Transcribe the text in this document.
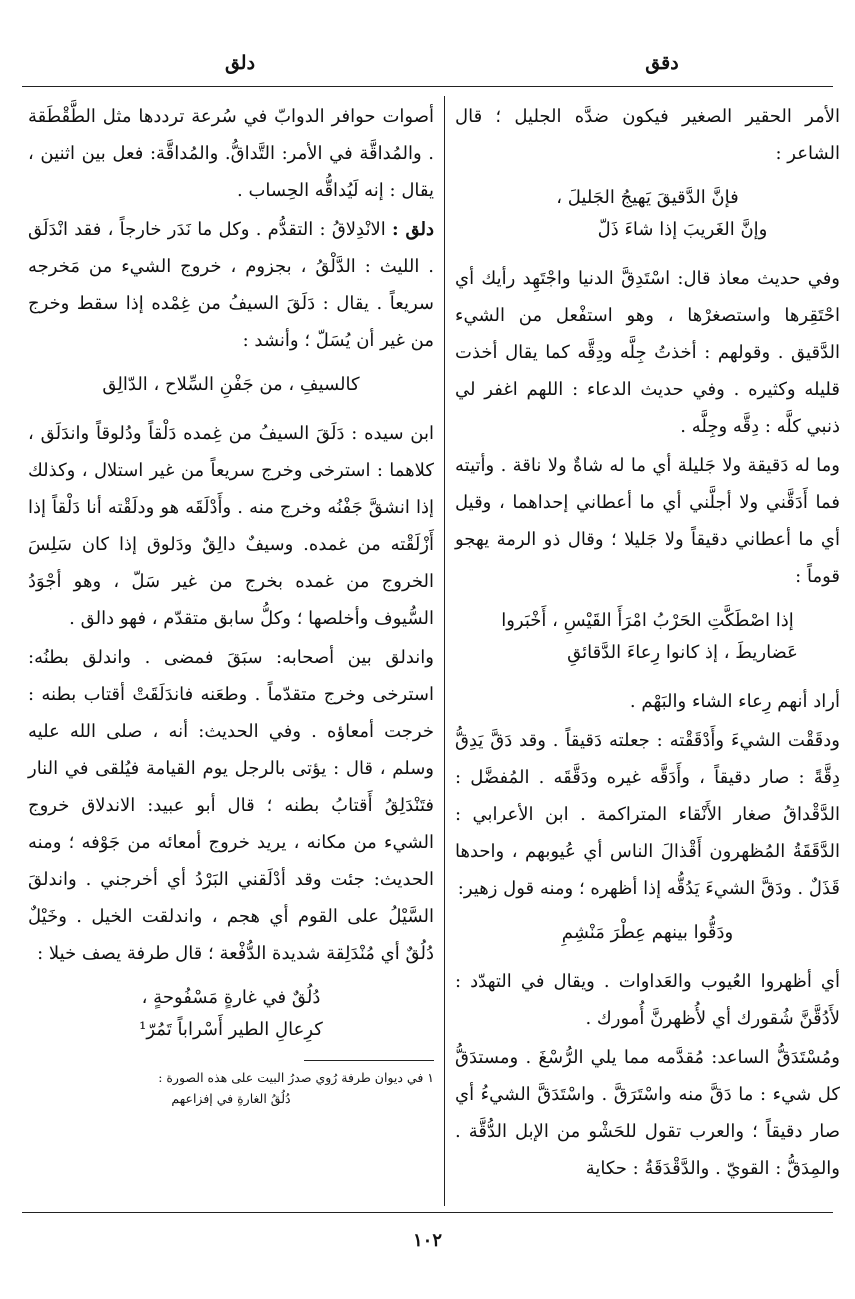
دقق
دلق

الأمر الحقير الصغير فيكون ضدَّه الجليل ؛ قال الشاعر :

فإنَّ الدَّقيقَ يَهيجُ الجَليلَ ،
وإنَّ الغَريبَ إذا شاءَ ذَلّ

وفي حديث معاذ قال: اسْتَدِقَّ الدنيا واجْتَهِد رأيك أي احْتَقِرها واستصغرْها ، وهو استفْعل من الشيء الدَّقيق . وقولهم : أخذتُ جِلَّه ودِقَّه كما يقال أخذت قليله وكثيره . وفي حديث الدعاء : اللهم اغفر لي ذنبي كلَّه : دِقَّه وجِلَّه .

وما له دَقيقة ولا جَليلة أي ما له شاةٌ ولا ناقة . وأتيته فما أَدَقَّني ولا أجلَّني أي ما أعطاني إحداهما ، وقيل أي ما أعطاني دقيقاً ولا جَليلا ؛ وقال ذو الرمة يهجو قوماً :

إذا اصْطَكَّتِ الحَرْبُ امْرَأَ القَيْسِ ، أَخْبَروا
عَضاريطَ ، إذ كانوا رِعاءَ الدَّقائقِ

أراد أنهم رِعاء الشاء والبَهْم .

ودقَقْت الشيءَ وأَدْقَقْته : جعلته دَقيقاً . وقد دَقَّ يَدِقُّ دِقَّةً : صار دقيقاً ، وأَدَقَّه غيره ودَقَّقَه . المُفضَّل : الدَّقْداقُ صغار الأَنْقاء المتراكمة . ابن الأعرابي : الدَّقَقَةُ المُظهرون أَقْذالَ الناس أي عُيوبهم ، واحدها قَذَلٌ . ودَقَّ الشيءَ يَدُقُّه إذا أظهره ؛ ومنه قول زهير:

ودَقُّوا بينهم عِطْرَ مَنْشِمِ

أي أظهروا العُيوب والعَداوات . ويقال في التهدّد : لأَدُقَّنَّ شُقورك أي لأُظهرنَّ أُمورك .

ومُسْتَدَقُّ الساعد: مُقدَّمه مما يلي الرُّسْغَ . ومستدَقُّ كل شيء : ما دَقَّ منه واسْتَرَقَّ . واسْتَدَقَّ الشيءُ أي صار دقيقاً ؛ والعرب تقول للحَشْو من الإبل الدُّقَّة . والمِدَقُّ : القويّ . والدَّقْدَقَةُ : حكاية

أصوات حوافر الدوابّ في سُرعة ترددها مثل الطَّقْطَقة . والمُداقَّة في الأمر: التَّداقُّ. والمُداقَّة: فعل بين اثنين ، يقال : إنه لَيُداقُّه الحِساب .

دلق : الانْدِلاقُ : التقدُّم . وكل ما نَدَر خارجاً ، فقد انْدَلَق . الليث : الدَّلْقُ ، بجزوم ، خروج الشيء من مَخرجه سريعاً . يقال : دَلَقَ السيفُ من غِمْده إذا سقط وخرج من غير أن يُسَلّ ؛ وأنشد :

كالسيفِ ، من جَفْنِ السِّلاح ، الدّالِق

ابن سيده : دَلَقَ السيفُ من غِمده دَلْقاً ودُلوقاً واندَلَق ، كلاهما : استرخى وخرج سريعاً من غير استلال ، وكذلك إذا انشقَّ جَفْنُه وخرج منه . وأَدْلَقَه هو ودلَقْته أنا دَلْقاً إذا أَزْلَقْته من غمده. وسيفٌ دالِقٌ ودَلوق إذا كان سَلِسَ الخروج من غمده بخرج من غير سَلّ ، وهو أجْوَدُ السُّيوف وأخلصها ؛ وكلُّ سابق متقدّم ، فهو دالق .

واندلق بين أصحابه: سبَقَ فمضى . واندلق بطنُه: استرخى وخرج متقدّماً . وطعَنه فاندَلَقَتْ أقتاب بطنه : خرجت أمعاؤه . وفي الحديث: أنه ، صلى الله عليه وسلم ، قال : يؤتى بالرجل يوم القيامة فيُلقى في النار فتَنْدَلِقُ أَقتابُ بطنه ؛ قال أبو عبيد: الاندلاق خروج الشيء من مكانه ، يريد خروج أمعائه من جَوْفه ؛ ومنه الحديث: جئت وقد أدْلَقني البَرْدُ أي أخرجني . واندلقَ السَّيْلُ على القوم أي هجم ، واندلقت الخيل . وخَيْلٌ دُلُقٌ أي مُنْدَلِقة شديدة الدُّفْعة ؛ قال طرفة يصف خيلا :

دُلُقٌ في غارةٍ مَسْفُوحةٍ ،
كرِعالِ الطير أَسْراباً تَمُرّ¹
١ في ديوان طرفة رُوي صدرُ البيت على هذه الصورة :
دُلُقُ الغارةِ في إفزاعهم
١٠٢
